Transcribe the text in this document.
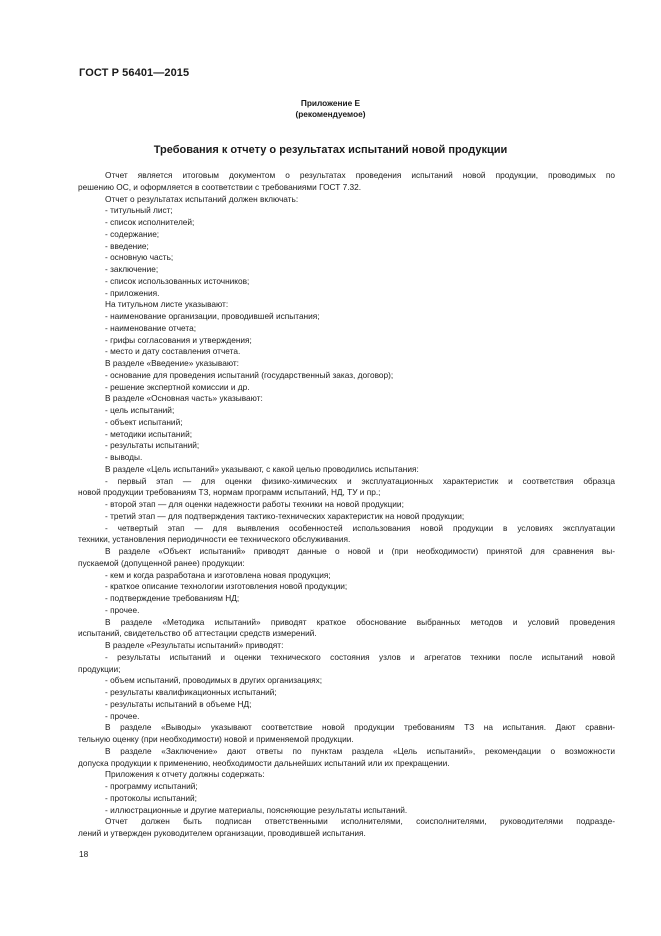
ГОСТ Р 56401—2015
Приложение Е
(рекомендуемое)
Требования к отчету о результатах испытаний новой продукции
Отчет является итоговым документом о результатах проведения испытаний новой продукции, проводимых по
решению ОС, и оформляется в соответствии с требованиями ГОСТ 7.32.
Отчет о результатах испытаний должен включать:
- титульный лист;
- список исполнителей;
- содержание;
- введение;
- основную часть;
- заключение;
- список использованных источников;
- приложения.
На титульном листе указывают:
- наименование организации, проводившей испытания;
- наименование отчета;
- грифы согласования и утверждения;
- место и дату составления отчета.
В разделе «Введение» указывают:
- основание для проведения испытаний (государственный заказ, договор);
- решение экспертной комиссии и др.
В разделе «Основная часть» указывают:
- цель испытаний;
- объект испытаний;
- методики испытаний;
- результаты испытаний;
- выводы.
В разделе «Цель испытаний» указывают, с какой целью проводились испытания:
- первый этап — для оценки физико-химических и эксплуатационных характеристик и соответствия образца
новой продукции требованиям ТЗ, нормам программ испытаний, НД, ТУ и пр.;
- второй этап — для оценки надежности работы техники на новой продукции;
- третий этап — для подтверждения тактико-технических характеристик на новой продукции;
- четвертый этап — для выявления особенностей использования новой продукции в условиях эксплуатации
техники, установления периодичности ее технического обслуживания.
В разделе «Объект испытаний» приводят данные о новой и (при необходимости) принятой для сравнения вы-
пускаемой (допущенной ранее) продукции:
- кем и когда разработана и изготовлена новая продукция;
- краткое описание технологии изготовления новой продукции;
- подтверждение требованиям НД;
- прочее.
В разделе «Методика испытаний» приводят краткое обоснование выбранных методов и условий проведения
испытаний, свидетельство об аттестации средств измерений.
В разделе «Результаты испытаний» приводят:
- результаты испытаний и оценки технического состояния узлов и агрегатов техники после испытаний новой
продукции;
- объем испытаний, проводимых в других организациях;
- результаты квалификационных испытаний;
- результаты испытаний в объеме НД;
- прочее.
В разделе «Выводы» указывают соответствие новой продукции требованиям ТЗ на испытания. Дают сравни-
тельную оценку (при необходимости) новой и применяемой продукции.
В разделе «Заключение» дают ответы по пунктам раздела «Цель испытаний», рекомендации о возможности
допуска продукции к применению, необходимости дальнейших испытаний или их прекращении.
Приложения к отчету должны содержать:
- программу испытаний;
- протоколы испытаний;
- иллюстрационные и другие материалы, поясняющие результаты испытаний.
Отчет должен быть подписан ответственными исполнителями, соисполнителями, руководителями подразде-
лений и утвержден руководителем организации, проводившей испытания.
18
